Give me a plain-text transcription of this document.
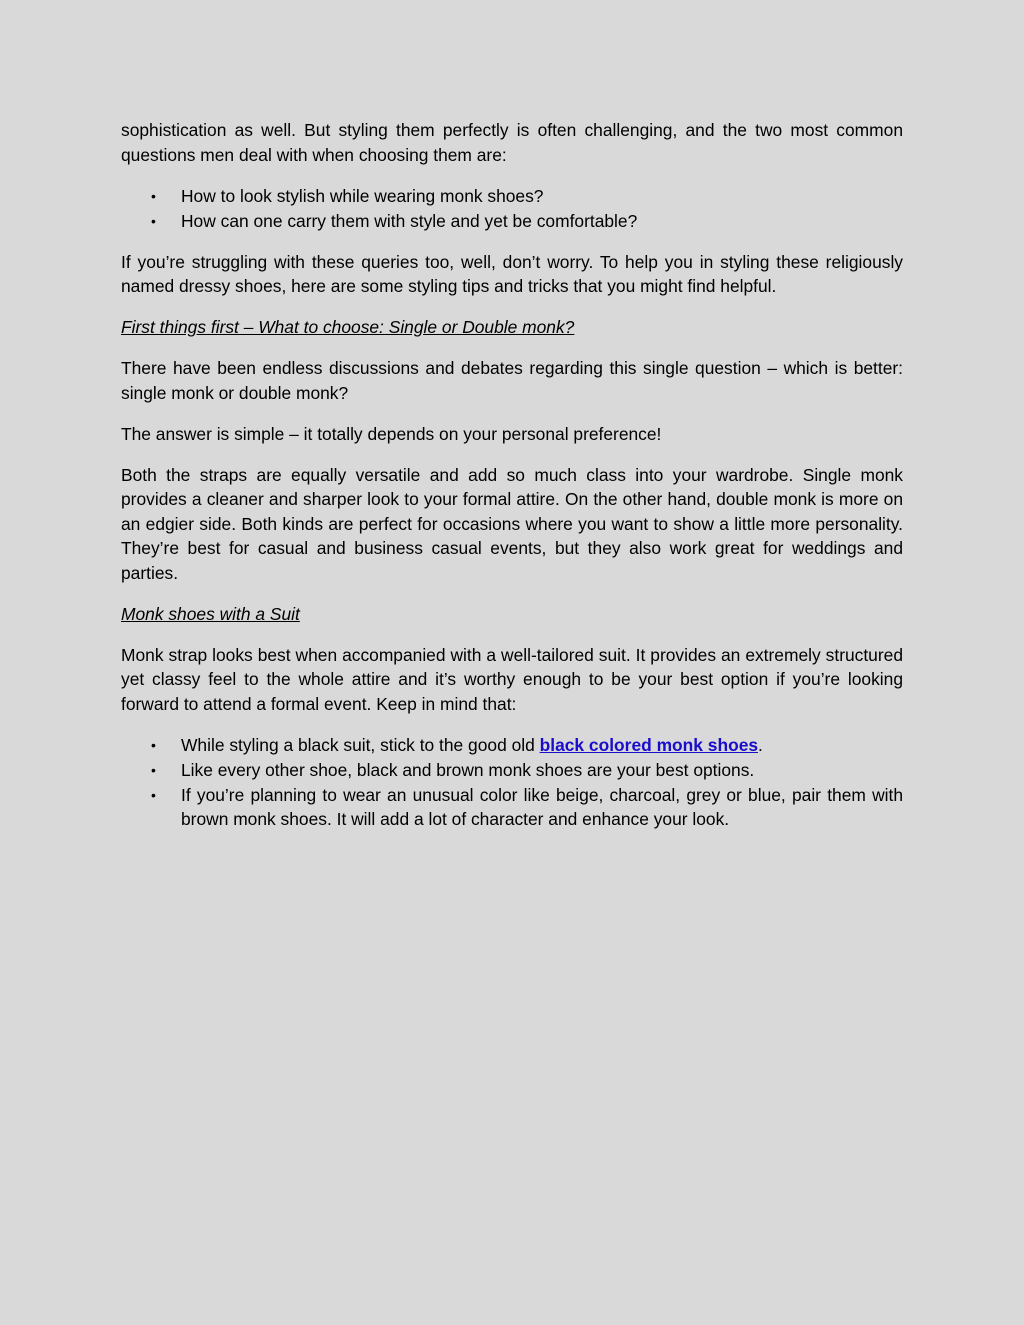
sophistication as well. But styling them perfectly is often challenging, and the two most common questions men deal with when choosing them are:

• How to look stylish while wearing monk shoes?
• How can one carry them with style and yet be comfortable?

If you’re struggling with these queries too, well, don’t worry. To help you in styling these religiously named dressy shoes, here are some styling tips and tricks that you might find helpful.

First things first – What to choose: Single or Double monk?

There have been endless discussions and debates regarding this single question – which is better: single monk or double monk?

The answer is simple – it totally depends on your personal preference!

Both the straps are equally versatile and add so much class into your wardrobe. Single monk provides a cleaner and sharper look to your formal attire. On the other hand, double monk is more on an edgier side. Both kinds are perfect for occasions where you want to show a little more personality. They’re best for casual and business casual events, but they also work great for weddings and parties.

Monk shoes with a Suit

Monk strap looks best when accompanied with a well-tailored suit. It provides an extremely structured yet classy feel to the whole attire and it’s worthy enough to be your best option if you’re looking forward to attend a formal event. Keep in mind that:

• While styling a black suit, stick to the good old black colored monk shoes.
• Like every other shoe, black and brown monk shoes are your best options.
• If you’re planning to wear an unusual color like beige, charcoal, grey or blue, pair them with brown monk shoes. It will add a lot of character and enhance your look.
